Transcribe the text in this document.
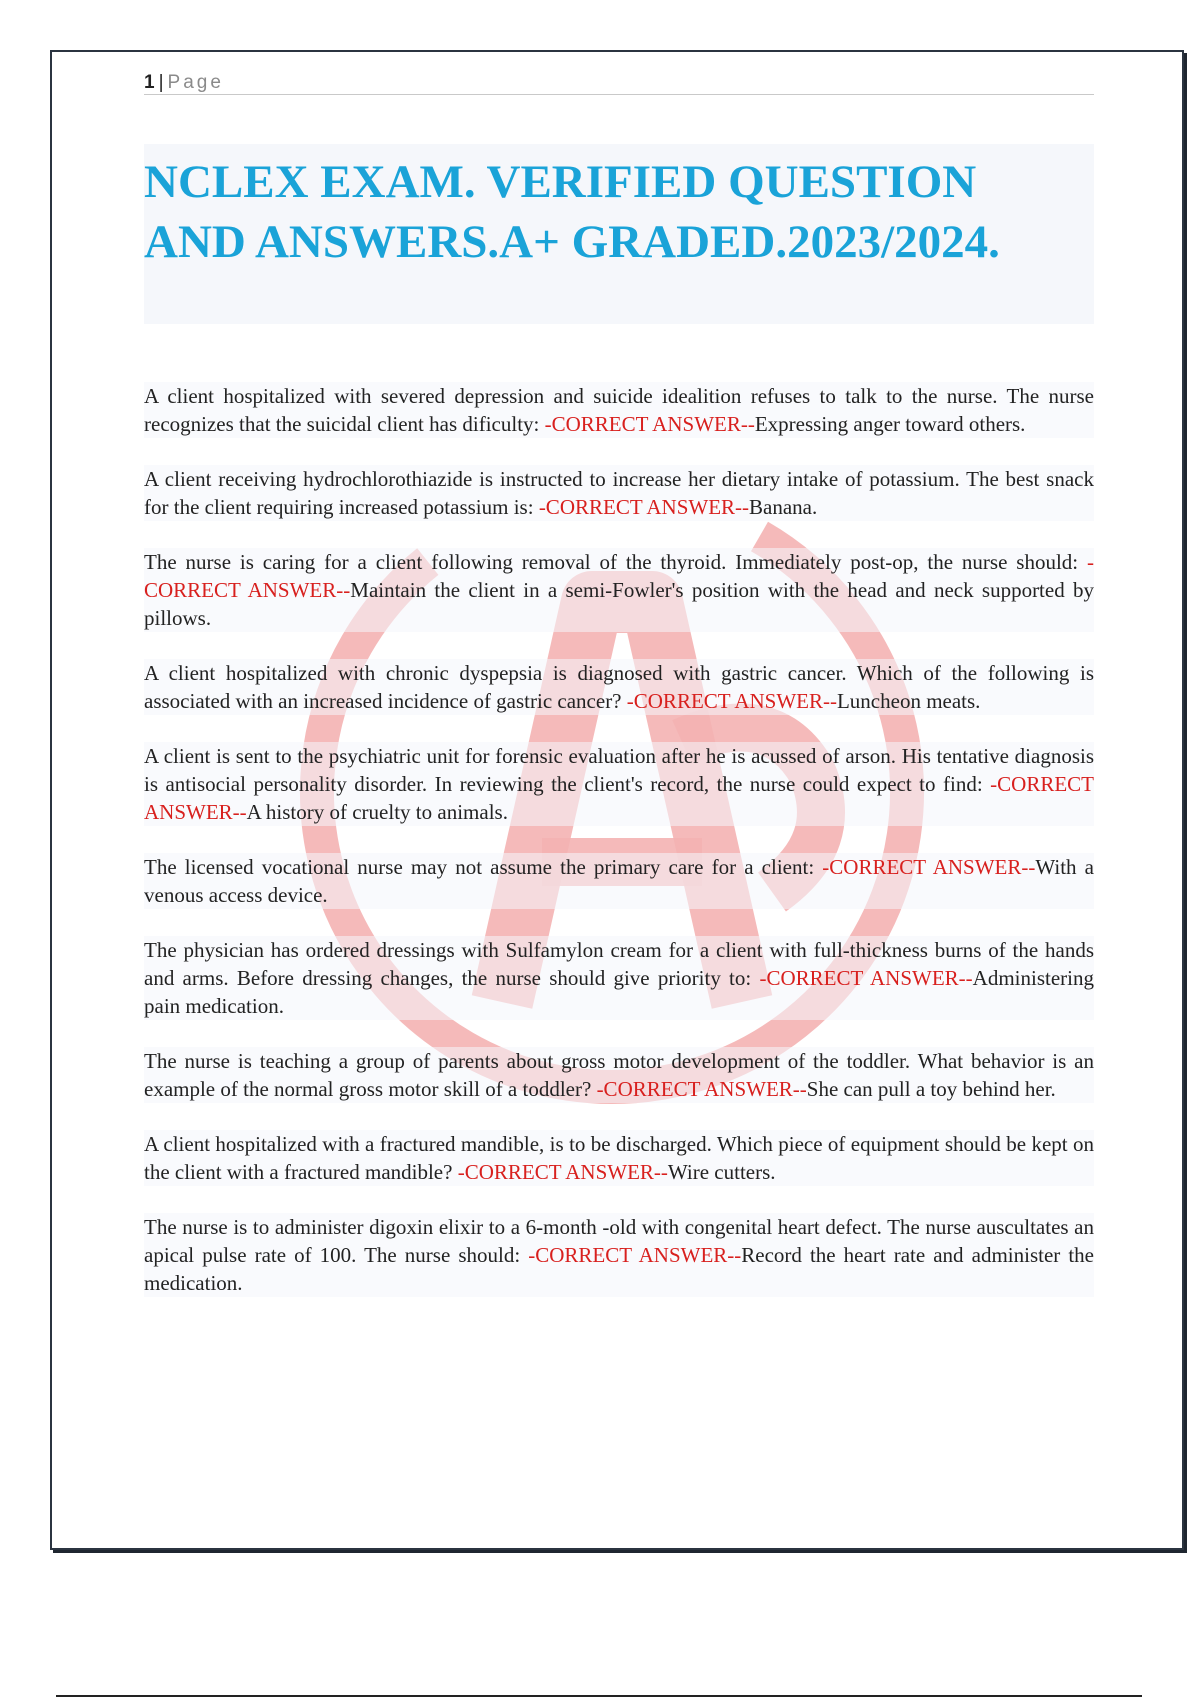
1 | Page
NCLEX EXAM. VERIFIED QUESTION AND ANSWERS.A+ GRADED.2023/2024.

A client hospitalized with severed depression and suicide idealition refuses to talk to the nurse. The nurse recognizes that the suicidal client has dificulty: -CORRECT ANSWER--Expressing anger toward others.

A client receiving hydrochlorothiazide is instructed to increase her dietary intake of potassium. The best snack for the client requiring increased potassium is: -CORRECT ANSWER--Banana.

The nurse is caring for a client following removal of the thyroid. Immediately post-op, the nurse should: -CORRECT ANSWER--Maintain the client in a semi-Fowler's position with the head and neck supported by pillows.

A client hospitalized with chronic dyspepsia is diagnosed with gastric cancer. Which of the following is associated with an increased incidence of gastric cancer? -CORRECT ANSWER--Luncheon meats.

A client is sent to the psychiatric unit for forensic evaluation after he is acussed of arson. His tentative diagnosis is antisocial personality disorder. In reviewing the client's record, the nurse could expect to find: -CORRECT ANSWER--A history of cruelty to animals.

The licensed vocational nurse may not assume the primary care for a client: -CORRECT ANSWER--With a venous access device.

The physician has ordered dressings with Sulfamylon cream for a client with full-thickness burns of the hands and arms. Before dressing changes, the nurse should give priority to: -CORRECT ANSWER--Administering pain medication.

The nurse is teaching a group of parents about gross motor development of the toddler. What behavior is an example of the normal gross motor skill of a toddler? -CORRECT ANSWER--She can pull a toy behind her.

A client hospitalized with a fractured mandible, is to be discharged. Which piece of equipment should be kept on the client with a fractured mandible? -CORRECT ANSWER--Wire cutters.

The nurse is to administer digoxin elixir to a 6-month -old with congenital heart defect. The nurse auscultates an apical pulse rate of 100. The nurse should: -CORRECT ANSWER--Record the heart rate and administer the medication.
